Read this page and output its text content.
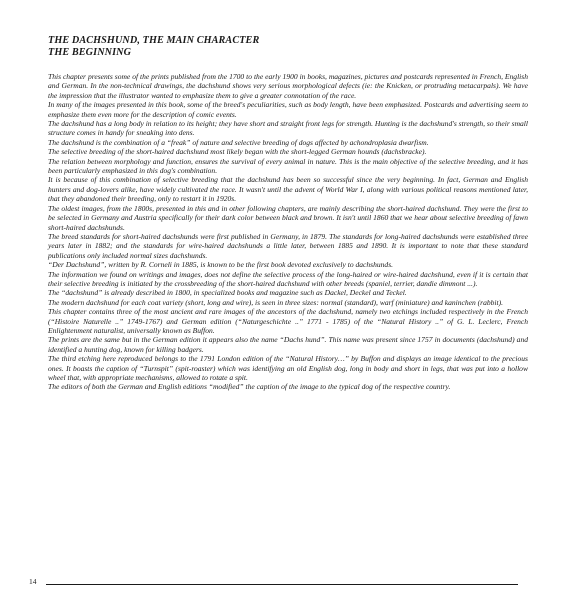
THE DACHSHUND, THE MAIN CHARACTER
THE BEGINNING

This chapter presents some of the prints published from the 1700 to the early 1900 in books, magazines, pictures and postcards represented in French, English and German. In the non-technical drawings, the dachshund shows very serious morphological defects (ie: the Knicken, or protruding metacarpals). We have the impression that the illustrator wanted to emphasize them to give a greater connotation of the race.

In many of the images presented in this book, some of the breed's peculiarities, such as body length, have been emphasized. Postcards and advertising seem to emphasize them even more for the description of comic events.

The dachshund has a long body in relation to its height; they have short and straight front legs for strength. Hunting is the dachshund's strength, so their small structure comes in handy for sneaking into dens.

The dachshund is the combination of a “freak” of nature and selective breeding of dogs affected by achondroplasia dwarfism.

The selective breeding of the short-haired dachshund most likely began with the short-legged German hounds (dachsbracke).

The relation between morphology and function, ensures the survival of every animal in nature. This is the main objective of the selective breeding, and it has been particularly emphasized in this dog's combination.

It is because of this combination of selective breeding that the dachshund has been so successful since the very beginning. In fact, German and English hunters and dog-lovers alike, have widely cultivated the race. It wasn't until the advent of World War I, along with various political reasons mentioned later, that they abandoned their breeding, only to restart it in 1920s.

The oldest images, from the 1800s, presented in this and in other following chapters, are mainly describing the short-haired dachshund. They were the first to be selected in Germany and Austria specifically for their dark color between black and brown. It isn't until 1860 that we hear about selective breeding of fawn short-haired dachshunds.

The breed standards for short-haired dachshunds were first published in Germany, in 1879. The standards for long-haired dachshunds were established three years later in 1882; and the standards for wire-haired dachshunds a little later, between 1885 and 1890. It is important to note that these standard publications only included normal sizes dachshunds.

“Der Dachshund”, written by R. Corneli in 1885, is known to be the first book devoted exclusively to dachshunds.

The information we found on writings and images, does not define the selective process of the long-haired or wire-haired dachshund, even if it is certain that their selective breeding is initiated by the crossbreeding of the short-haired dachshund with other breeds (spaniel, terrier, dandie dimmont ...).

The “dachshund” is already described in 1800, in specialized books and magazine such as Dackel, Deckel and Teckel.

The modern dachshund for each coat variety (short, long and wire), is seen in three sizes: normal (standard), warf (miniature) and kaninchen (rabbit).

This chapter contains three of the most ancient and rare images of the ancestors of the dachshund, namely two etchings included respectively in the French (“Histoire Naturelle ..” 1749-1767) and German edition (“Naturgeschichte ..” 1771 - 1785) of the “Natural History ..” of G. L. Leclerc, French Enlightenment naturalist, universally known as Buffon.

The prints are the same but in the German edition it appears also the name “Dachs hund”. This name was present since 1757 in documents (dachshund) and identified a hunting dog, known for killing badgers.

The third etching here reproduced belongs to the 1791 London edition of the “Natural History…” by Buffon and displays an image identical to the precious ones. It boasts the caption of “Turnspit” (spit-roaster) which was identifying an old English dog, long in body and short in legs, that was put into a hollow wheel that, with appropriate mechanisms, allowed to rotate a spit.

The editors of both the German and English editions “modified” the caption of the image to the typical dog of the respective country.

14
